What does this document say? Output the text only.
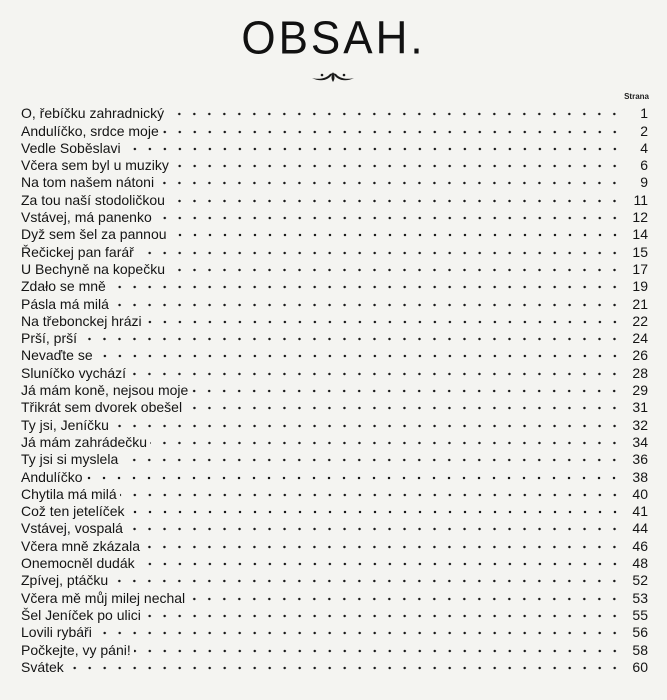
OBSAH.
Strana
O, řebíčku zahradnický	1
Andulíčko, srdce moje	2
Vedle Soběslavi	4
Včera sem byl u muziky	6
Na tom našem nátoni	9
Za tou naší stodoličkou	11
Vstávej, má panenko	12
Dyž sem šel za pannou	14
Řečickej pan farář	15
U Bechyně na kopečku	17
Zdało se mně	19
Pásla má milá	21
Na třebonckej hrázi	22
Prší, prší	24
Nevaďte se	26
Sluníčko vychází	28
Já mám koně, nejsou moje	29
Třikrát sem dvorek obešel	31
Ty jsi, Jeníčku	32
Já mám zahrádečku	34
Ty jsi si myslela	36
Andulíčko	38
Chytila má milá	40
Což ten jetelíček	41
Vstávej, vospalá	44
Včera mně zkázala	46
Onemocněl dudák	48
Zpívej, ptáčku	52
Včera mě můj milej nechal	53
Šel Jeníček po ulici	55
Lovili rybáři	56
Počkejte, vy páni!	58
Svátek	60
